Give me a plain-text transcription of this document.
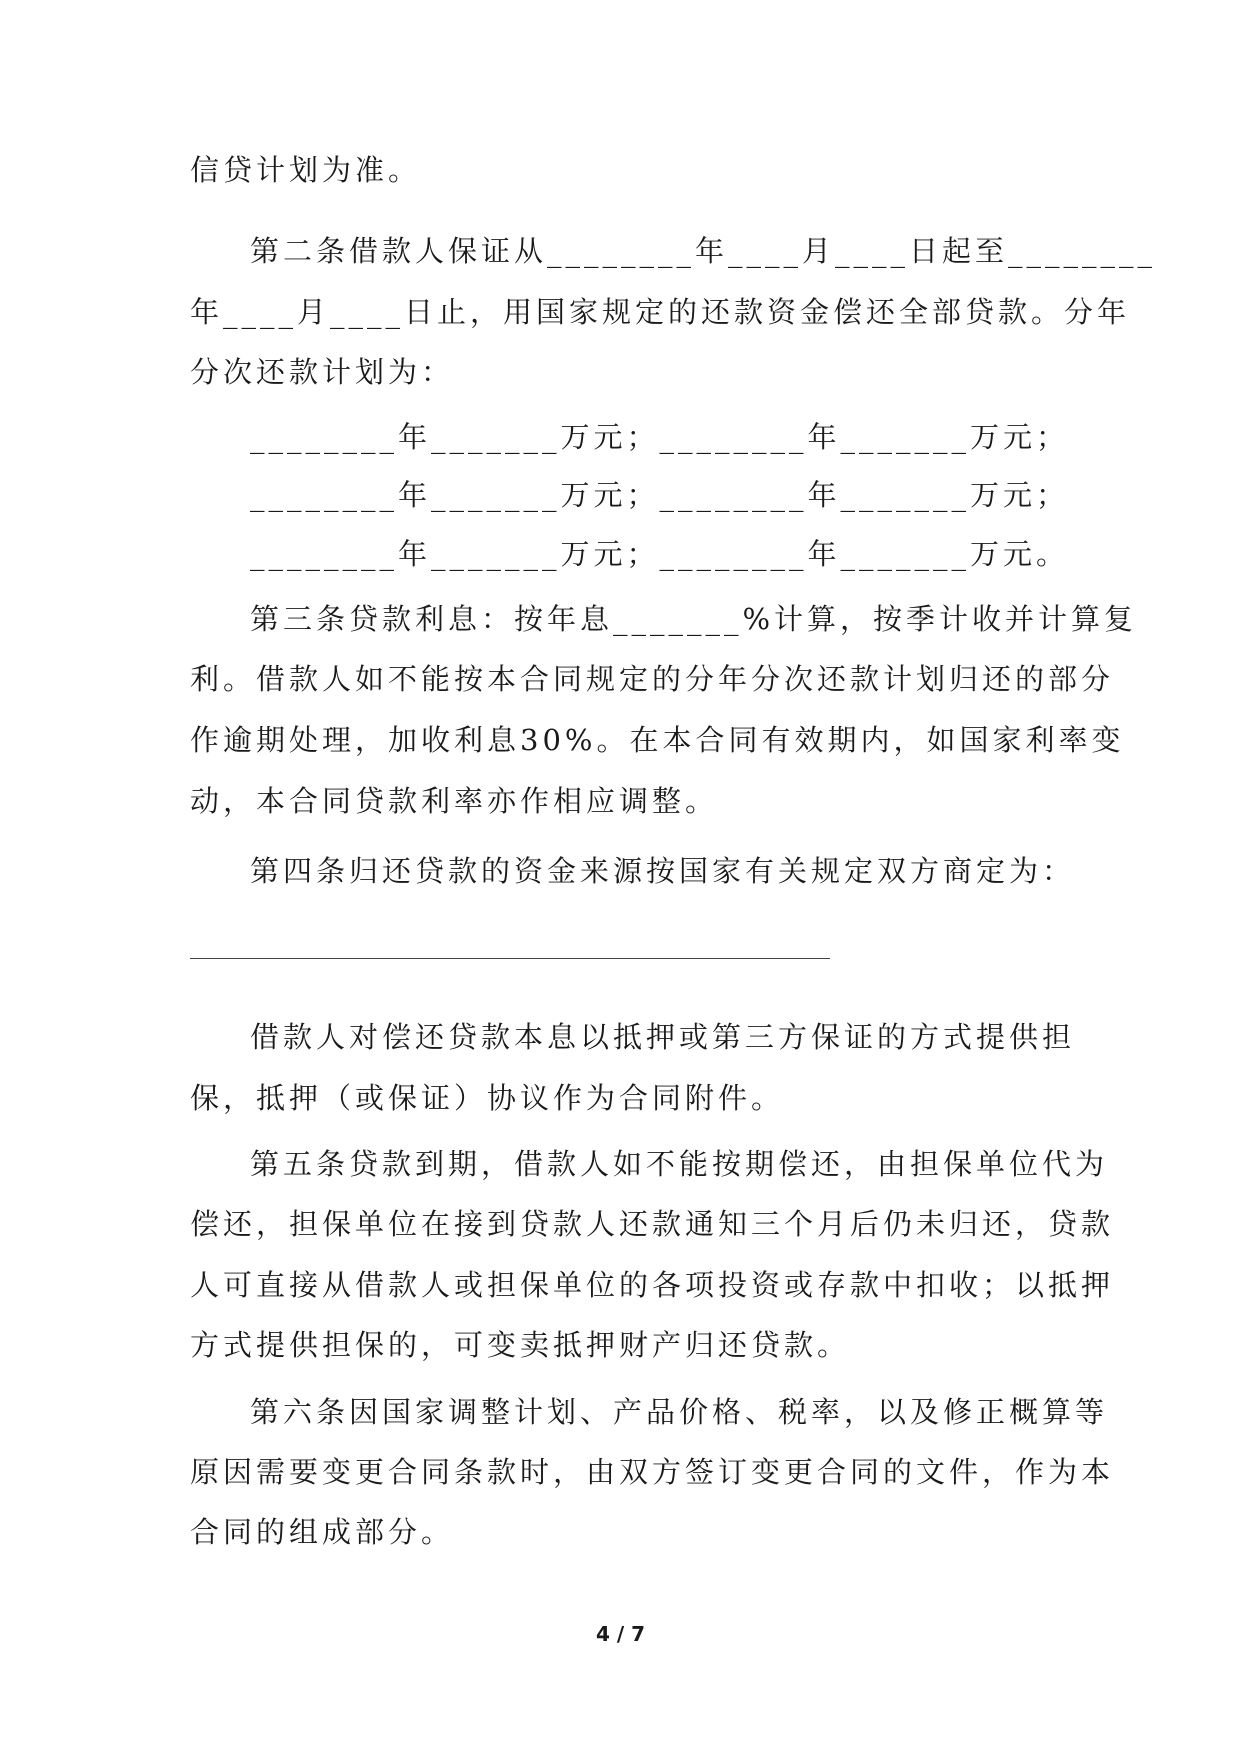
信贷计划为准。
第二条借款人保证从________年____月____日起至________
年____月____日止，用国家规定的还款资金偿还全部贷款。分年
分次还款计划为：
________年_______万元；________年_______万元；
________年_______万元；________年_______万元；
________年_______万元；________年_______万元。
第三条贷款利息：按年息_______%计算，按季计收并计算复
利。借款人如不能按本合同规定的分年分次还款计划归还的部分
作逾期处理，加收利息30%。在本合同有效期内，如国家利率变
动，本合同贷款利率亦作相应调整。
第四条归还贷款的资金来源按国家有关规定双方商定为：
借款人对偿还贷款本息以抵押或第三方保证的方式提供担
保，抵押（或保证）协议作为合同附件。
第五条贷款到期，借款人如不能按期偿还，由担保单位代为
偿还，担保单位在接到贷款人还款通知三个月后仍未归还，贷款
人可直接从借款人或担保单位的各项投资或存款中扣收；以抵押
方式提供担保的，可变卖抵押财产归还贷款。
第六条因国家调整计划、产品价格、税率，以及修正概算等
原因需要变更合同条款时，由双方签订变更合同的文件，作为本
合同的组成部分。
4 / 7
